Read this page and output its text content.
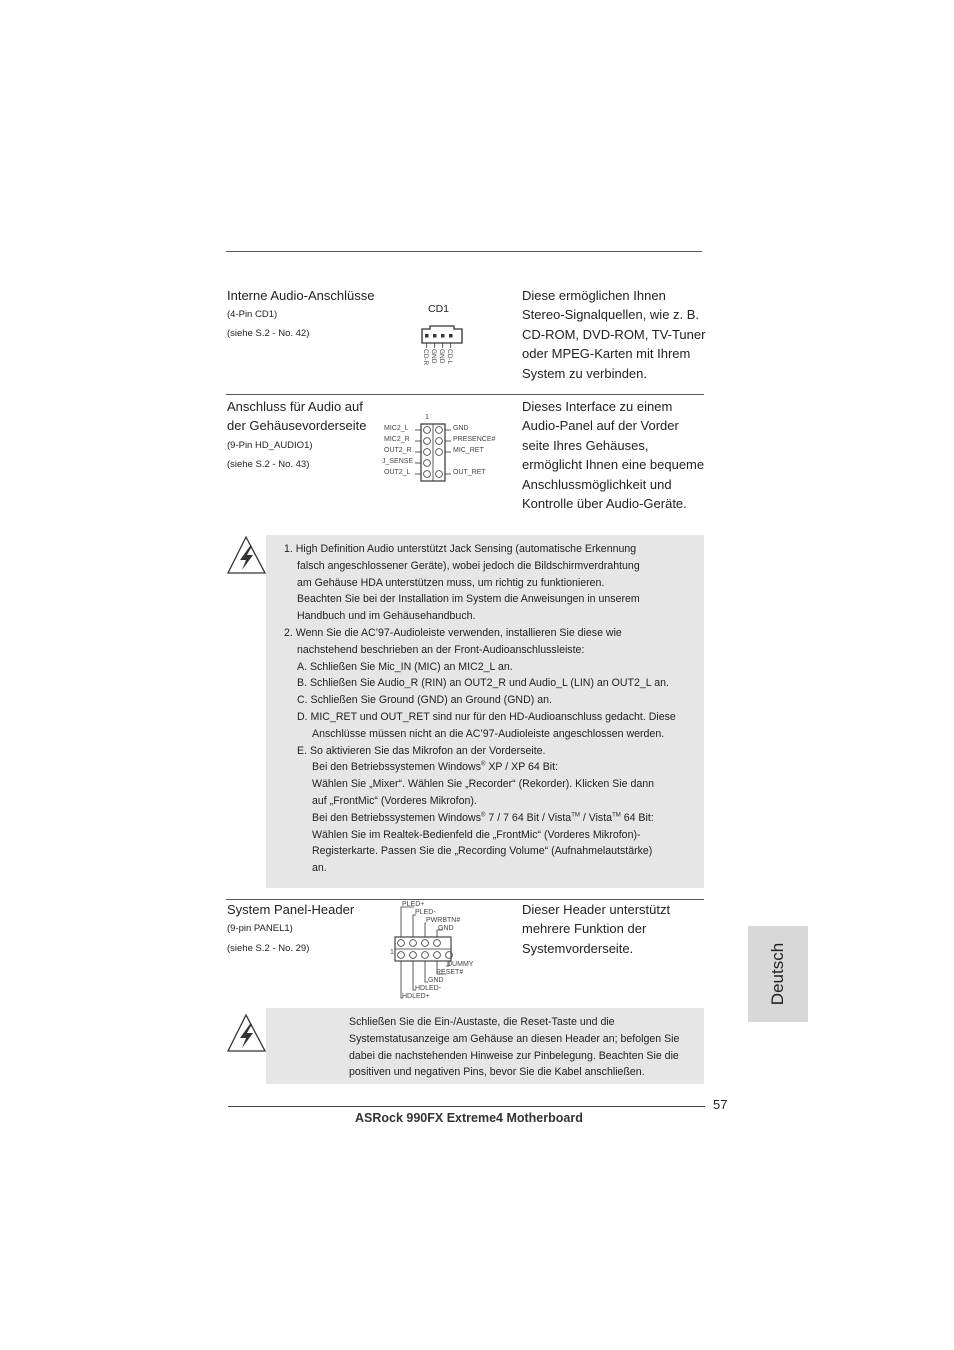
Interne Audio-Anschlüsse
(4-Pin CD1)
(siehe S.2 - No. 42)
CD1
CD-L
GND
GND
CD-R
Diese ermöglichen Ihnen
Stereo-Signalquellen, wie z. B.
CD-ROM, DVD-ROM, TV-Tuner
oder MPEG-Karten mit Ihrem
System zu verbinden.
Anschluss für Audio auf
der Gehäusevorderseite
(9-Pin HD_AUDIO1)
(siehe S.2 - No. 43)
1
MIC2_L
MIC2_R
OUT2_R
J_SENSE
OUT2_L
GND
PRESENCE#
MIC_RET
OUT_RET
Dieses Interface zu einem
Audio-Panel auf der Vorder
seite Ihres Gehäuses,
ermöglicht Ihnen eine bequeme
Anschlussmöglichkeit und
Kontrolle über Audio-Geräte.
1. High Definition Audio unterstützt Jack Sensing (automatische Erkennung
falsch angeschlossener Geräte), wobei jedoch die Bildschirmverdrahtung
am Gehäuse HDA unterstützen muss, um richtig zu funktionieren.
Beachten Sie bei der Installation im System die Anweisungen in unserem
Handbuch und im Gehäusehandbuch.
2. Wenn Sie die AC’97-Audioleiste verwenden, installieren Sie diese wie
nachstehend beschrieben an der Front-Audioanschlussleiste:
A. Schließen Sie Mic_IN (MIC) an MIC2_L an.
B. Schließen Sie Audio_R (RIN) an OUT2_R und Audio_L (LIN) an OUT2_L an.
C. Schließen Sie Ground (GND) an Ground (GND) an.
D. MIC_RET und OUT_RET sind nur für den HD-Audioanschluss gedacht. Diese
Anschlüsse müssen nicht an die AC’97-Audioleiste angeschlossen werden.
E. So aktivieren Sie das Mikrofon an der Vorderseite.
Bei den Betriebssystemen Windows® XP / XP 64 Bit:
Wählen Sie „Mixer“. Wählen Sie „Recorder“ (Rekorder). Klicken Sie dann
auf „FrontMic“ (Vorderes Mikrofon).
Bei den Betriebssystemen Windows® 7 / 7 64 Bit / Vista™ / Vista™ 64 Bit:
Wählen Sie im Realtek-Bedienfeld die „FrontMic“ (Vorderes Mikrofon)-
Registerkarte. Passen Sie die „Recording Volume“ (Aufnahmelautstärke)
an.
System Panel-Header
(9-pin PANEL1)
(siehe S.2 - No. 29)	1
PLED+
PLED-
PWRBTN#
GND
DUMMY
RESET#
GND
HDLED-
HDLED+
Dieser Header unterstützt
mehrere Funktion der
Systemvorderseite.
Schließen Sie die Ein-/Austaste, die Reset-Taste und die
Systemstatusanzeige am Gehäuse an diesen Header an; befolgen Sie
dabei die nachstehenden Hinweise zur Pinbelegung. Beachten Sie die
positiven und negativen Pins, bevor Sie die Kabel anschließen.
Deutsch
57
ASRock 990FX Extreme4 Motherboard
